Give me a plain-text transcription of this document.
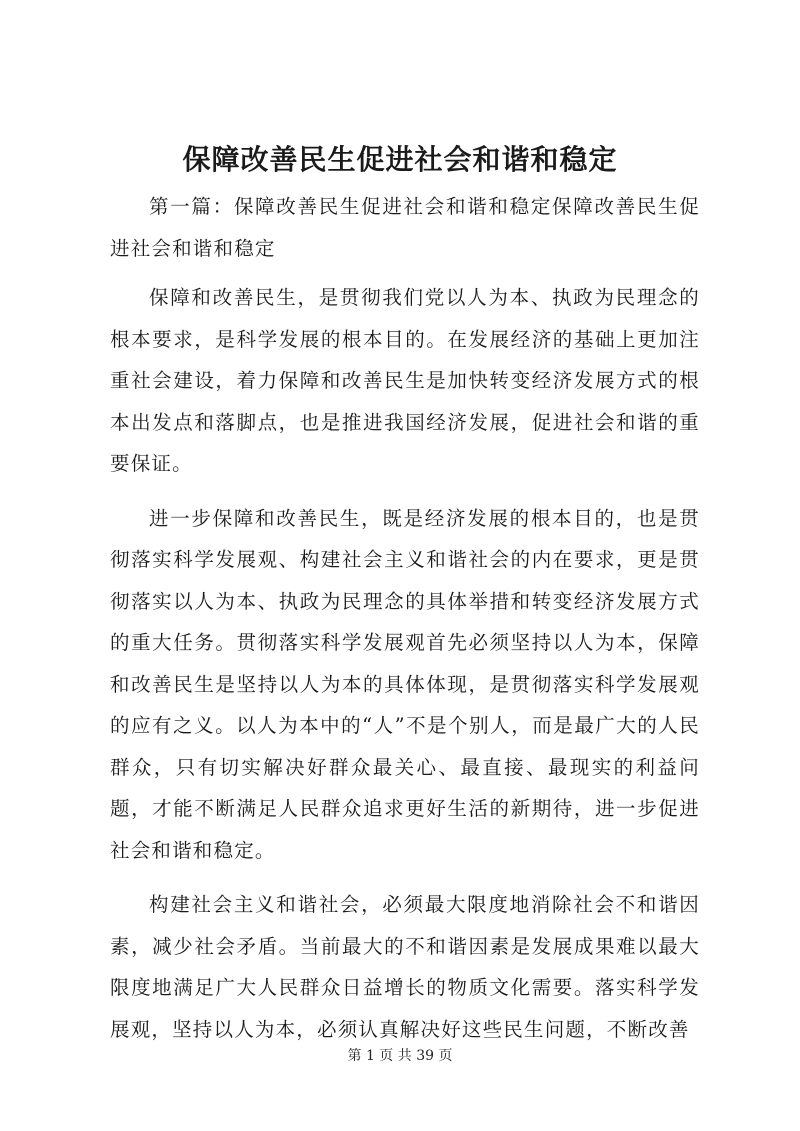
保障改善民生促进社会和谐和稳定

第一篇：保障改善民生促进社会和谐和稳定保障改善民生促进社会和谐和稳定

保障和改善民生，是贯彻我们党以人为本、执政为民理念的根本要求，是科学发展的根本目的。在发展经济的基础上更加注重社会建设，着力保障和改善民生是加快转变经济发展方式的根本出发点和落脚点，也是推进我国经济发展，促进社会和谐的重要保证。

进一步保障和改善民生，既是经济发展的根本目的，也是贯彻落实科学发展观、构建社会主义和谐社会的内在要求，更是贯彻落实以人为本、执政为民理念的具体举措和转变经济发展方式的重大任务。贯彻落实科学发展观首先必须坚持以人为本，保障和改善民生是坚持以人为本的具体体现，是贯彻落实科学发展观的应有之义。以人为本中的“人”不是个别人，而是最广大的人民群众，只有切实解决好群众最关心、最直接、最现实的利益问题，才能不断满足人民群众追求更好生活的新期待，进一步促进社会和谐和稳定。

构建社会主义和谐社会，必须最大限度地消除社会不和谐因素，减少社会矛盾。当前最大的不和谐因素是发展成果难以最大限度地满足广大人民群众日益增长的物质文化需要。落实科学发展观，坚持以人为本，必须认真解决好这些民生问题，不断改善

第 1 页 共 39 页
